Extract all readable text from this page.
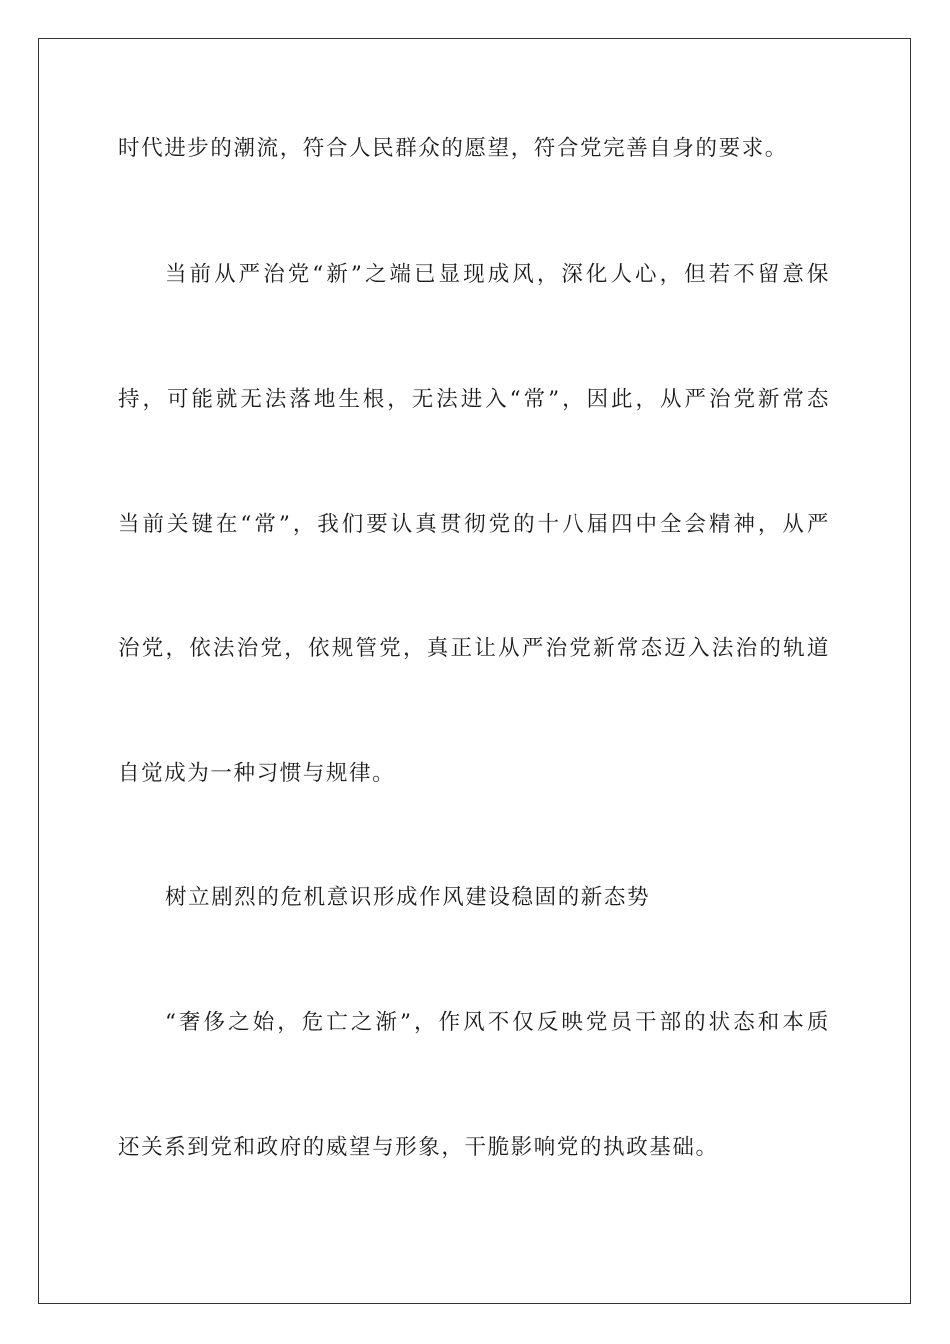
时代进步的潮流，符合人民群众的愿望，符合党完善自身的要求。

当前从严治党“新”之端已显现成风，深化人心，但若不留意保

持，可能就无法落地生根，无法进入“常”，因此，从严治党新常态

当前关键在“常”，我们要认真贯彻党的十八届四中全会精神，从严

治党，依法治党，依规管党，真正让从严治党新常态迈入法治的轨道

自觉成为一种习惯与规律。

树立剧烈的危机意识形成作风建设稳固的新态势

“奢侈之始，危亡之渐”，作风不仅反映党员干部的状态和本质

还关系到党和政府的威望与形象，干脆影响党的执政基础。
